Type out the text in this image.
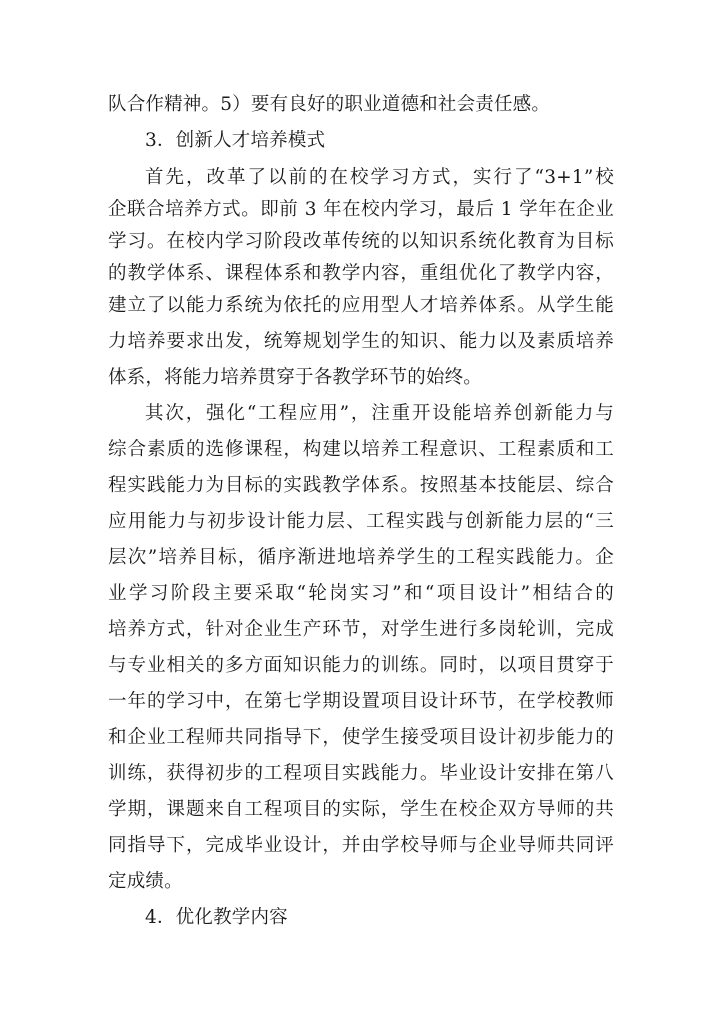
队合作精神。5）要有良好的职业道德和社会责任感。

3．创新人才培养模式

首先，改革了以前的在校学习方式，实行了“3+1”校

企联合培养方式。即前 3 年在校内学习，最后 1 学年在企业

学习。在校内学习阶段改革传统的以知识系统化教育为目标

的教学体系、课程体系和教学内容，重组优化了教学内容，

建立了以能力系统为依托的应用型人才培养体系。从学生能

力培养要求出发，统筹规划学生的知识、能力以及素质培养

体系，将能力培养贯穿于各教学环节的始终。

其次，强化“工程应用”，注重开设能培养创新能力与

综合素质的选修课程，构建以培养工程意识、工程素质和工

程实践能力为目标的实践教学体系。按照基本技能层、综合

应用能力与初步设计能力层、工程实践与创新能力层的“三

层次”培养目标，循序渐进地培养学生的工程实践能力。企

业学习阶段主要采取“轮岗实习”和“项目设计”相结合的

培养方式，针对企业生产环节，对学生进行多岗轮训，完成

与专业相关的多方面知识能力的训练。同时，以项目贯穿于

一年的学习中，在第七学期设置项目设计环节，在学校教师

和企业工程师共同指导下，使学生接受项目设计初步能力的

训练，获得初步的工程项目实践能力。毕业设计安排在第八

学期，课题来自工程项目的实际，学生在校企双方导师的共

同指导下，完成毕业设计，并由学校导师与企业导师共同评

定成绩。

4．优化教学内容
